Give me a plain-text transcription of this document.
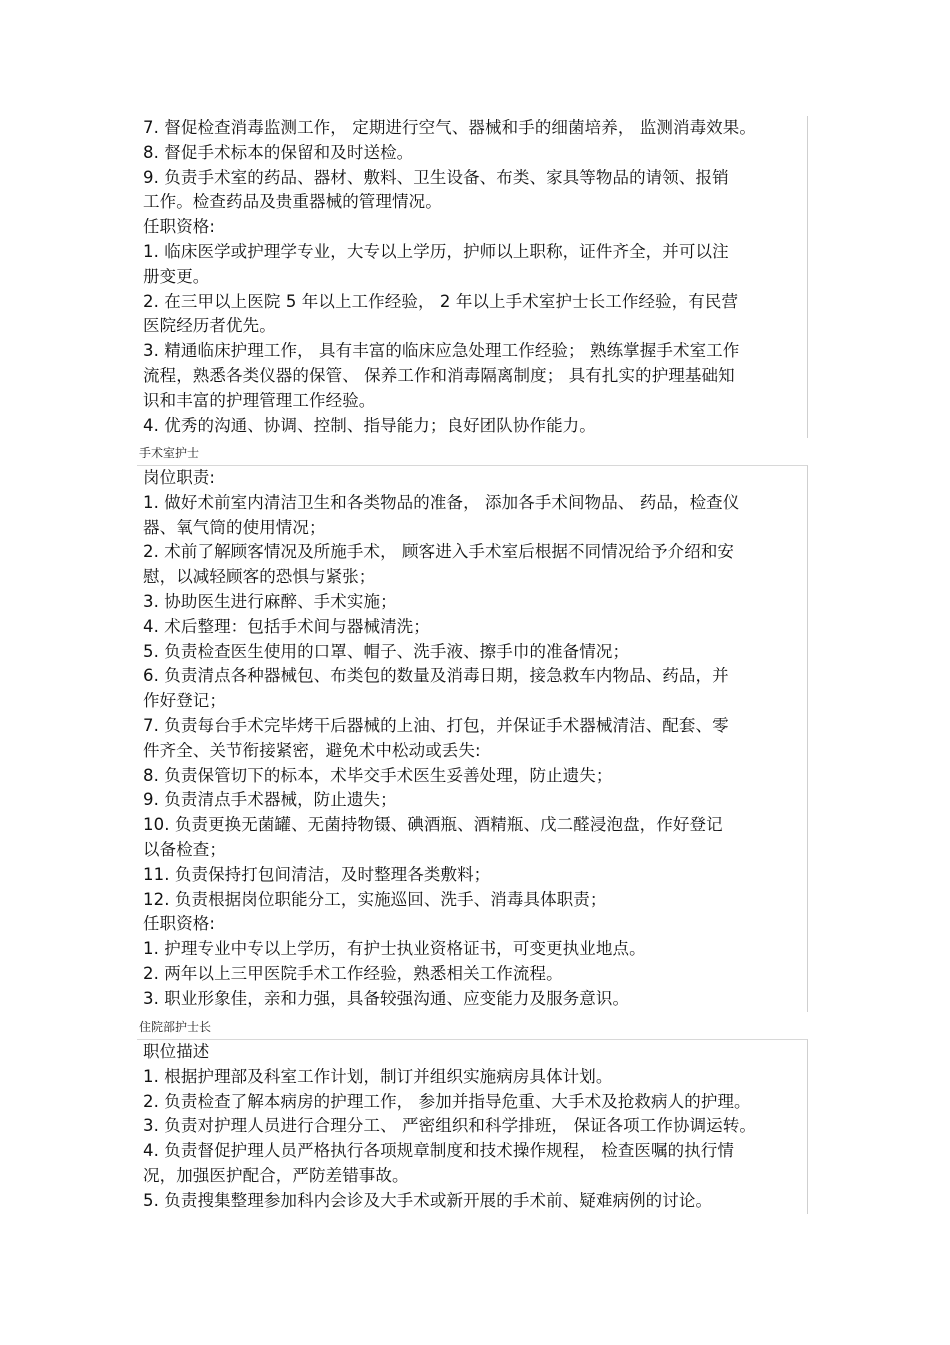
7. 督促检查消毒监测工作， 定期进行空气、器械和手的细菌培养， 监测消毒效果。
8. 督促手术标本的保留和及时送检。
9. 负责手术室的药品、器材、敷料、卫生设备、布类、家具等物品的请领、报销
工作。检查药品及贵重器械的管理情况。
任职资格:
1. 临床医学或护理学专业，大专以上学历，护师以上职称，证件齐全，并可以注
册变更。
2. 在三甲以上医院 5 年以上工作经验， 2 年以上手术室护士长工作经验，有民营
医院经历者优先。
3. 精通临床护理工作， 具有丰富的临床应急处理工作经验； 熟练掌握手术室工作
流程，熟悉各类仪器的保管、 保养工作和消毒隔离制度； 具有扎实的护理基础知
识和丰富的护理管理工作经验。
4. 优秀的沟通、协调、控制、指导能力；良好团队协作能力。
手术室护士
岗位职责:
1. 做好术前室内清洁卫生和各类物品的准备， 添加各手术间物品、 药品，检查仪
器、氧气筒的使用情况；
2. 术前了解顾客情况及所施手术， 顾客进入手术室后根据不同情况给予介绍和安
慰，以减轻顾客的恐惧与紧张；
3. 协助医生进行麻醉、手术实施；
4. 术后整理：包括手术间与器械清洗；
5. 负责检查医生使用的口罩、帽子、洗手液、擦手巾的准备情况；
6. 负责清点各种器械包、布类包的数量及消毒日期，接急救车内物品、药品，并
作好登记；
7. 负责每台手术完毕烤干后器械的上油、打包，并保证手术器械清洁、配套、零
件齐全、关节衔接紧密，避免术中松动或丢失:
8. 负责保管切下的标本，术毕交手术医生妥善处理，防止遗失；
9. 负责清点手术器械，防止遗失；
10. 负责更换无菌罐、无菌持物镊、碘酒瓶、酒精瓶、戊二醛浸泡盘，作好登记
以备检查；
11. 负责保持打包间清洁，及时整理各类敷料；
12. 负责根据岗位职能分工，实施巡回、洗手、消毒具体职责；
任职资格:
1. 护理专业中专以上学历，有护士执业资格证书，可变更执业地点。
2. 两年以上三甲医院手术工作经验，熟悉相关工作流程。
3. 职业形象佳，亲和力强，具备较强沟通、应变能力及服务意识。
住院部护士长
职位描述
1. 根据护理部及科室工作计划，制订并组织实施病房具体计划。
2. 负责检查了解本病房的护理工作， 参加并指导危重、大手术及抢救病人的护理。
3. 负责对护理人员进行合理分工、 严密组织和科学排班， 保证各项工作协调运转。
4. 负责督促护理人员严格执行各项规章制度和技术操作规程， 检查医嘱的执行情
况，加强医护配合，严防差错事故。
5. 负责搜集整理参加科内会诊及大手术或新开展的手术前、疑难病例的讨论。
